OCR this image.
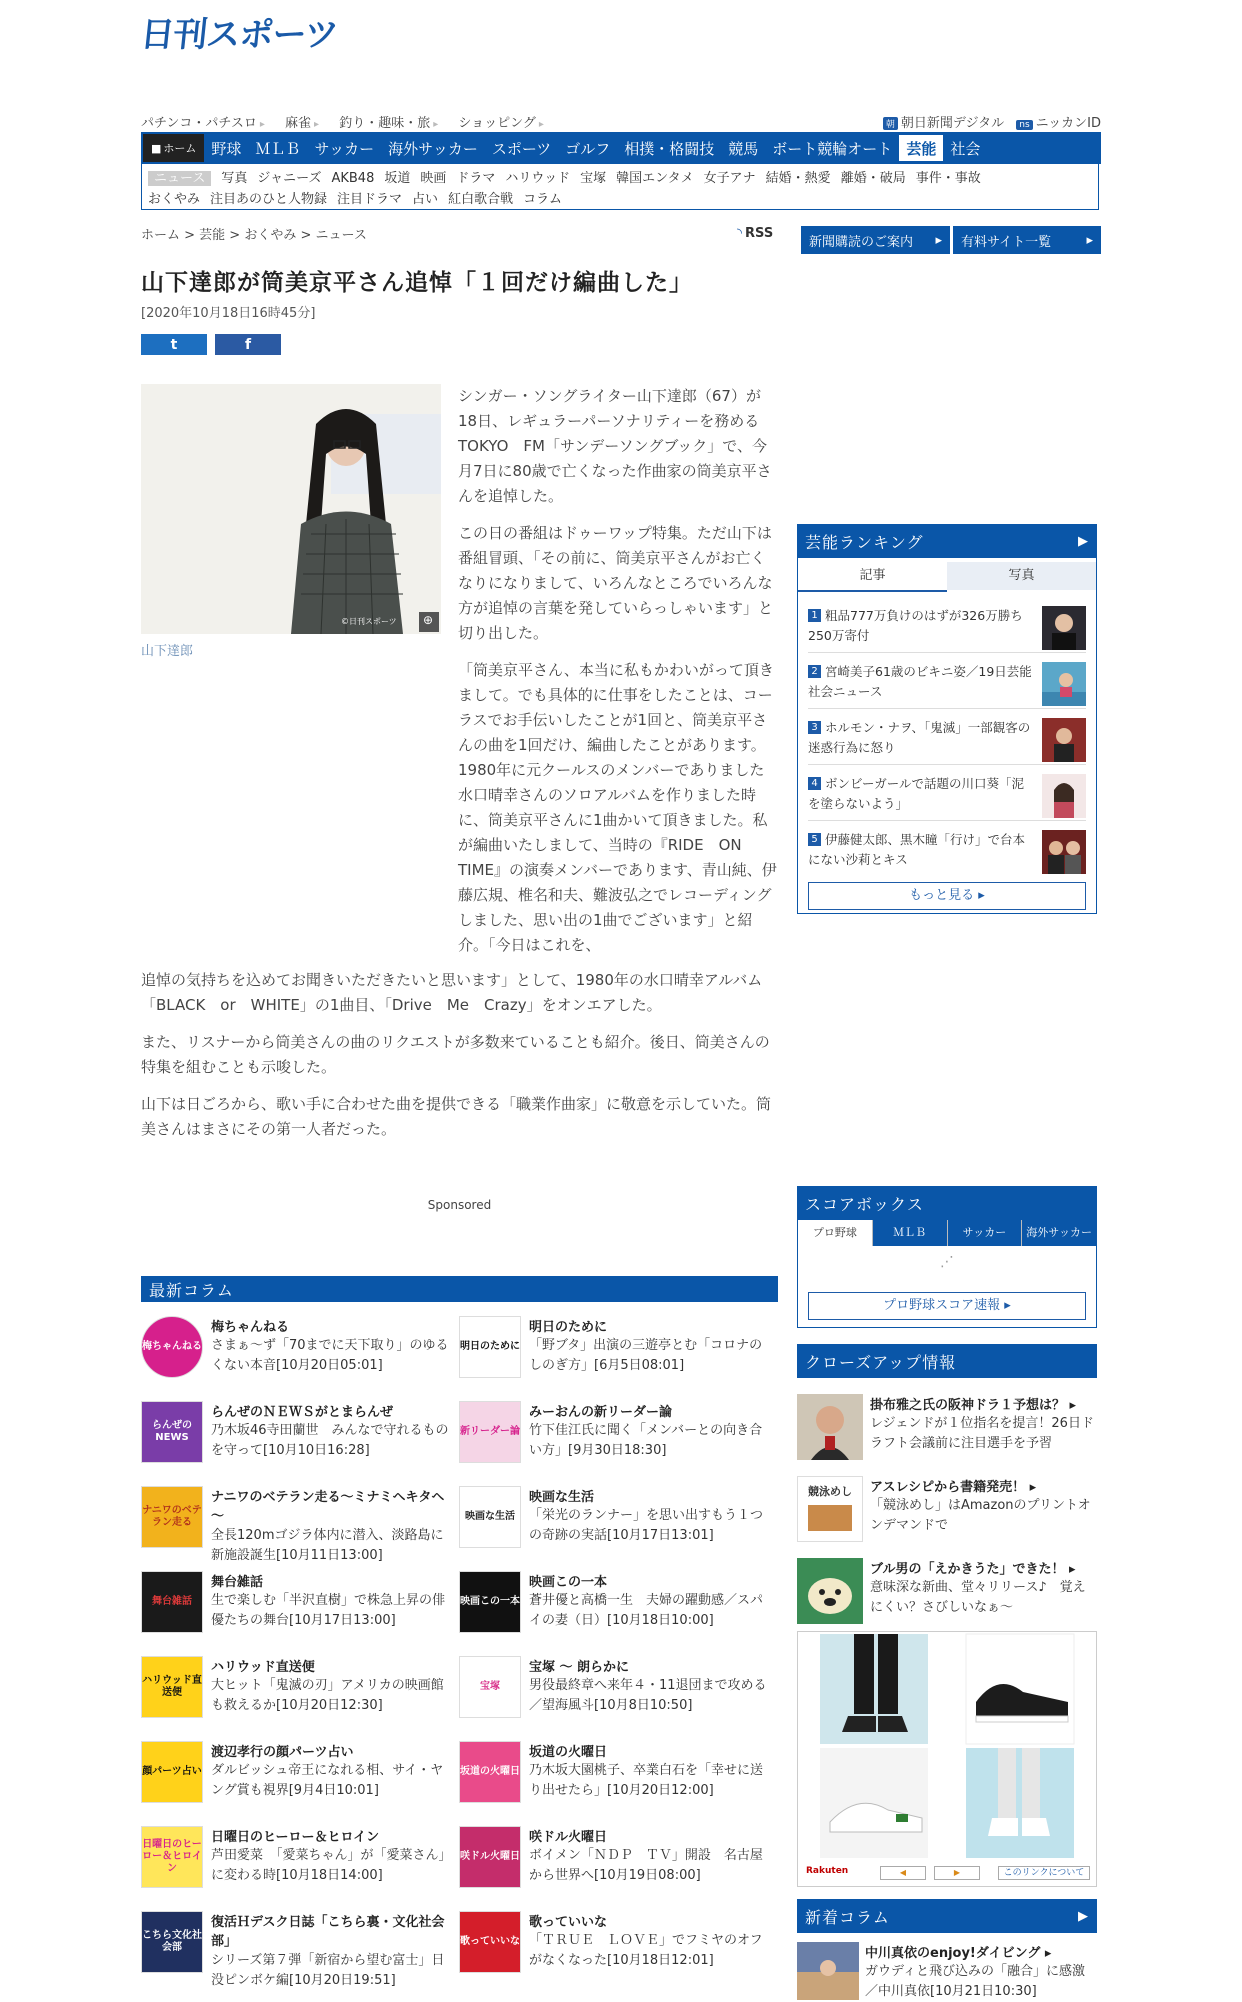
日刊スポーツ
パチンコ・パチスロ ▸ 麻雀 ▸ 釣り・趣味・旅 ▸ ショッピング ▸	朝 朝日新聞デジタル ns ニッカンID
■ ホーム	野球 ＭＬＢ サッカー 海外サッカー スポーツ ゴルフ 相撲・格闘技 競馬 ボート競輪オート 芸能 社会
ニュース 写真 ジャニーズ AKB48 坂道 映画 ドラマ ハリウッド 宝塚 韓国エンタメ 女子アナ 結婚・熱愛 離婚・破局 事件・事故
おくやみ 注目あのひと人物録 注目ドラマ 占い 紅白歌合戦 コラム
ホーム > 芸能 > おくやみ > ニュース	◝ RSS
新聞購読のご案内 ▸	有料サイト一覧 ▸
山下達郎が筒美京平さん追悼「１回だけ編曲した」
[2020年10月18日16時45分]
t	f
⊕
©日刊スポーツ
山下達郎

シンガー・ソングライター山下達郎（67）が18日、レギュラーパーソナリティーを務めるTOKYO　FM「サンデーソングブック」で、今月7日に80歳で亡くなった作曲家の筒美京平さんを追悼した。

この日の番組はドゥーワップ特集。ただ山下は番組冒頭、「その前に、筒美京平さんがお亡くなりになりまして、いろんなところでいろんな方が追悼の言葉を発していらっしゃいます」と切り出した。

「筒美京平さん、本当に私もかわいがって頂きまして。でも具体的に仕事をしたことは、コーラスでお手伝いしたことが1回と、筒美京平さんの曲を1回だけ、編曲したことがあります。1980年に元クールスのメンバーでありました水口晴幸さんのソロアルバムを作りました時に、筒美京平さんに1曲かいて頂きました。私が編曲いたしまして、当時の『RIDE　ON　TIME』の演奏メンバーであります、青山純、伊藤広規、椎名和夫、難波弘之でレコーディングしました、思い出の1曲でございます」と紹介。「今日はこれを、

追悼の気持ちを込めてお聞きいただきたいと思います」として、1980年の水口晴幸アルバム「BLACK　or　WHITE」の1曲目、「Drive　Me　Crazy」をオンエアした。

また、リスナーから筒美さんの曲のリクエストが多数来ていることも紹介。後日、筒美さんの特集を組むことも示唆した。

山下は日ごろから、歌い手に合わせた曲を提供できる「職業作曲家」に敬意を示していた。筒美さんはまさにその第一人者だった。

Sponsored
芸能ランキング	▶
記事	写真
1 粗品777万負けのはずが326万勝ち250万寄付
2 宮崎美子61歳のビキニ姿／19日芸能社会ニュース
3 ホルモン・ナヲ、「鬼滅」一部観客の迷惑行為に怒り
4 ボンビーガールで話題の川口葵「泥を塗らないよう」
5 伊藤健太郎、黒木瞳「行け」で台本にない沙莉とキス
もっと見る ▸
スコアボックス
プロ野球	ＭＬＢ	サッカー	海外サッカー
⋰
プロ野球スコア速報 ▸
最新コラム
梅ちゃんねる
梅ちゃんねる
さまぁ～ず「70までに天下取り」のゆるくない本音[10月20日05:01]
明日のために
明日のために
「野ブタ」出演の三遊亭とむ「コロナのしのぎ方」[6月5日08:01]
らんぜのNEWS
らんぜのＮＥＷＳがとまらんぜ
乃木坂46寺田蘭世　みんなで守れるものを守って[10月10日16:28]
新リーダー論
みーおんの新リーダー論
竹下佳江氏に聞く「メンバーとの向き合い方」[9月30日18:30]
ナニワのベテラン走る
ナニワのベテラン走る～ミナミヘキタヘ～
全長120mゴジラ体内に潜入、淡路島に新施設誕生[10月11日13:00]
映画な生活
映画な生活
「栄光のランナー」を思い出すもう１つの奇跡の実話[10月17日13:01]
舞台雑話
舞台雑話
生で楽しむ「半沢直樹」で株急上昇の俳優たちの舞台[10月17日13:00]
映画この一本
映画この一本
蒼井優と高橋一生　夫婦の躍動感／スパイの妻（日）[10月18日10:00]
ハリウッド直送便
ハリウッド直送便
大ヒット「鬼滅の刃」アメリカの映画館も救えるか[10月20日12:30]
宝塚
宝塚 ～ 朗らかに
男役最終章へ来年４・11退団まで攻める／望海風斗[10月8日10:50]
顔パーツ占い
渡辺孝行の顔パーツ占い
ダルビッシュ帝王になれる相、サイ・ヤング賞も視界[9月4日10:01]
坂道の火曜日
坂道の火曜日
乃木坂大園桃子、卒業白石を「幸せに送り出せたら」[10月20日12:00]
日曜日のヒーロー＆ヒロイン
日曜日のヒーロー＆ヒロイン
芦田愛菜　「愛菜ちゃん」が「愛菜さん」に変わる時[10月18日14:00]
咲ドル火曜日
咲ドル火曜日
ボイメン「ＮＤＰ　ＴＶ」開設　名古屋から世界へ[10月19日08:00]
こちら文化社会部
復活Ｈデスク日誌「こちら裏・文化社会部」
シリーズ第７弾「新宿から望む富士」日没ピンボケ編[10月20日19:51]
歌っていいな
歌っていいな
「ＴＲＵＥ　ＬＯＶＥ」でフミヤのオフがなくなった[10月18日12:01]
クローズアップ情報
掛布雅之氏の阪神ドラ１予想は？ ▸
レジェンドが１位指名を提言！26日ドラフト会議前に注目選手を予習
競泳めし	アスレシピから書籍発売！ ▸
「競泳めし」はAmazonのプリントオンデマンドで
ブル男の「えかきうた」できた！ ▸
意味深な新曲、堂々リリース♪　覚えにくい？さびしいなぁ～
Rakuten	◀	▶	このリンクについて
新着コラム	▶
中川真依のenjoy!ダイビング ▸
ガウディと飛び込みの「融合」に感激／中川真依[10月21日10:30]
